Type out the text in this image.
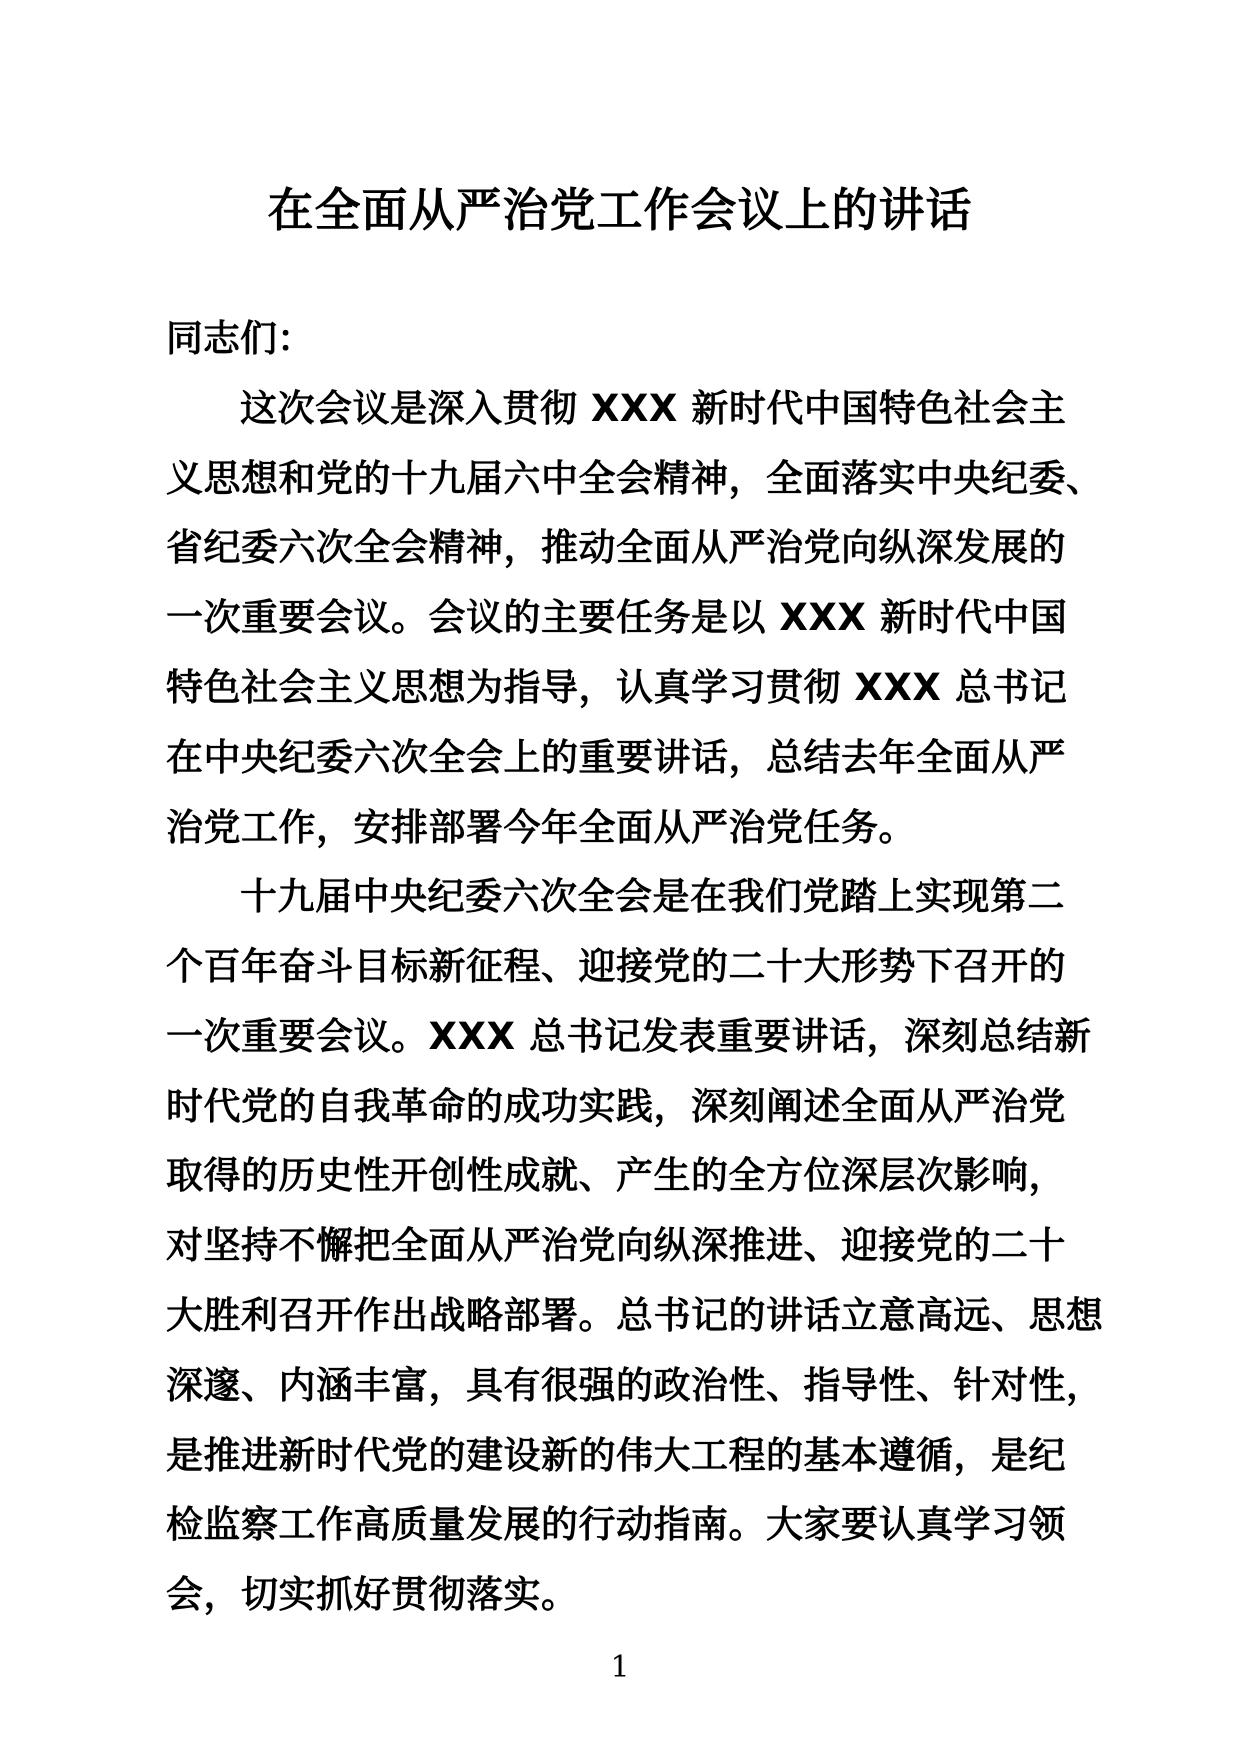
在全面从严治党工作会议上的讲话
同志们：
这次会议是深入贯彻 XXX 新时代中国特色社会主
义思想和党的十九届六中全会精神，全面落实中央纪委、
省纪委六次全会精神，推动全面从严治党向纵深发展的
一次重要会议。会议的主要任务是以 XXX 新时代中国
特色社会主义思想为指导，认真学习贯彻 XXX 总书记
在中央纪委六次全会上的重要讲话，总结去年全面从严
治党工作，安排部署今年全面从严治党任务。
十九届中央纪委六次全会是在我们党踏上实现第二
个百年奋斗目标新征程、迎接党的二十大形势下召开的
一次重要会议。XXX 总书记发表重要讲话，深刻总结新
时代党的自我革命的成功实践，深刻阐述全面从严治党
取得的历史性开创性成就、产生的全方位深层次影响，
对坚持不懈把全面从严治党向纵深推进、迎接党的二十
大胜利召开作出战略部署。总书记的讲话立意高远、思想
深邃、内涵丰富，具有很强的政治性、指导性、针对性，
是推进新时代党的建设新的伟大工程的基本遵循，是纪
检监察工作高质量发展的行动指南。大家要认真学习领
会，切实抓好贯彻落实。
1
